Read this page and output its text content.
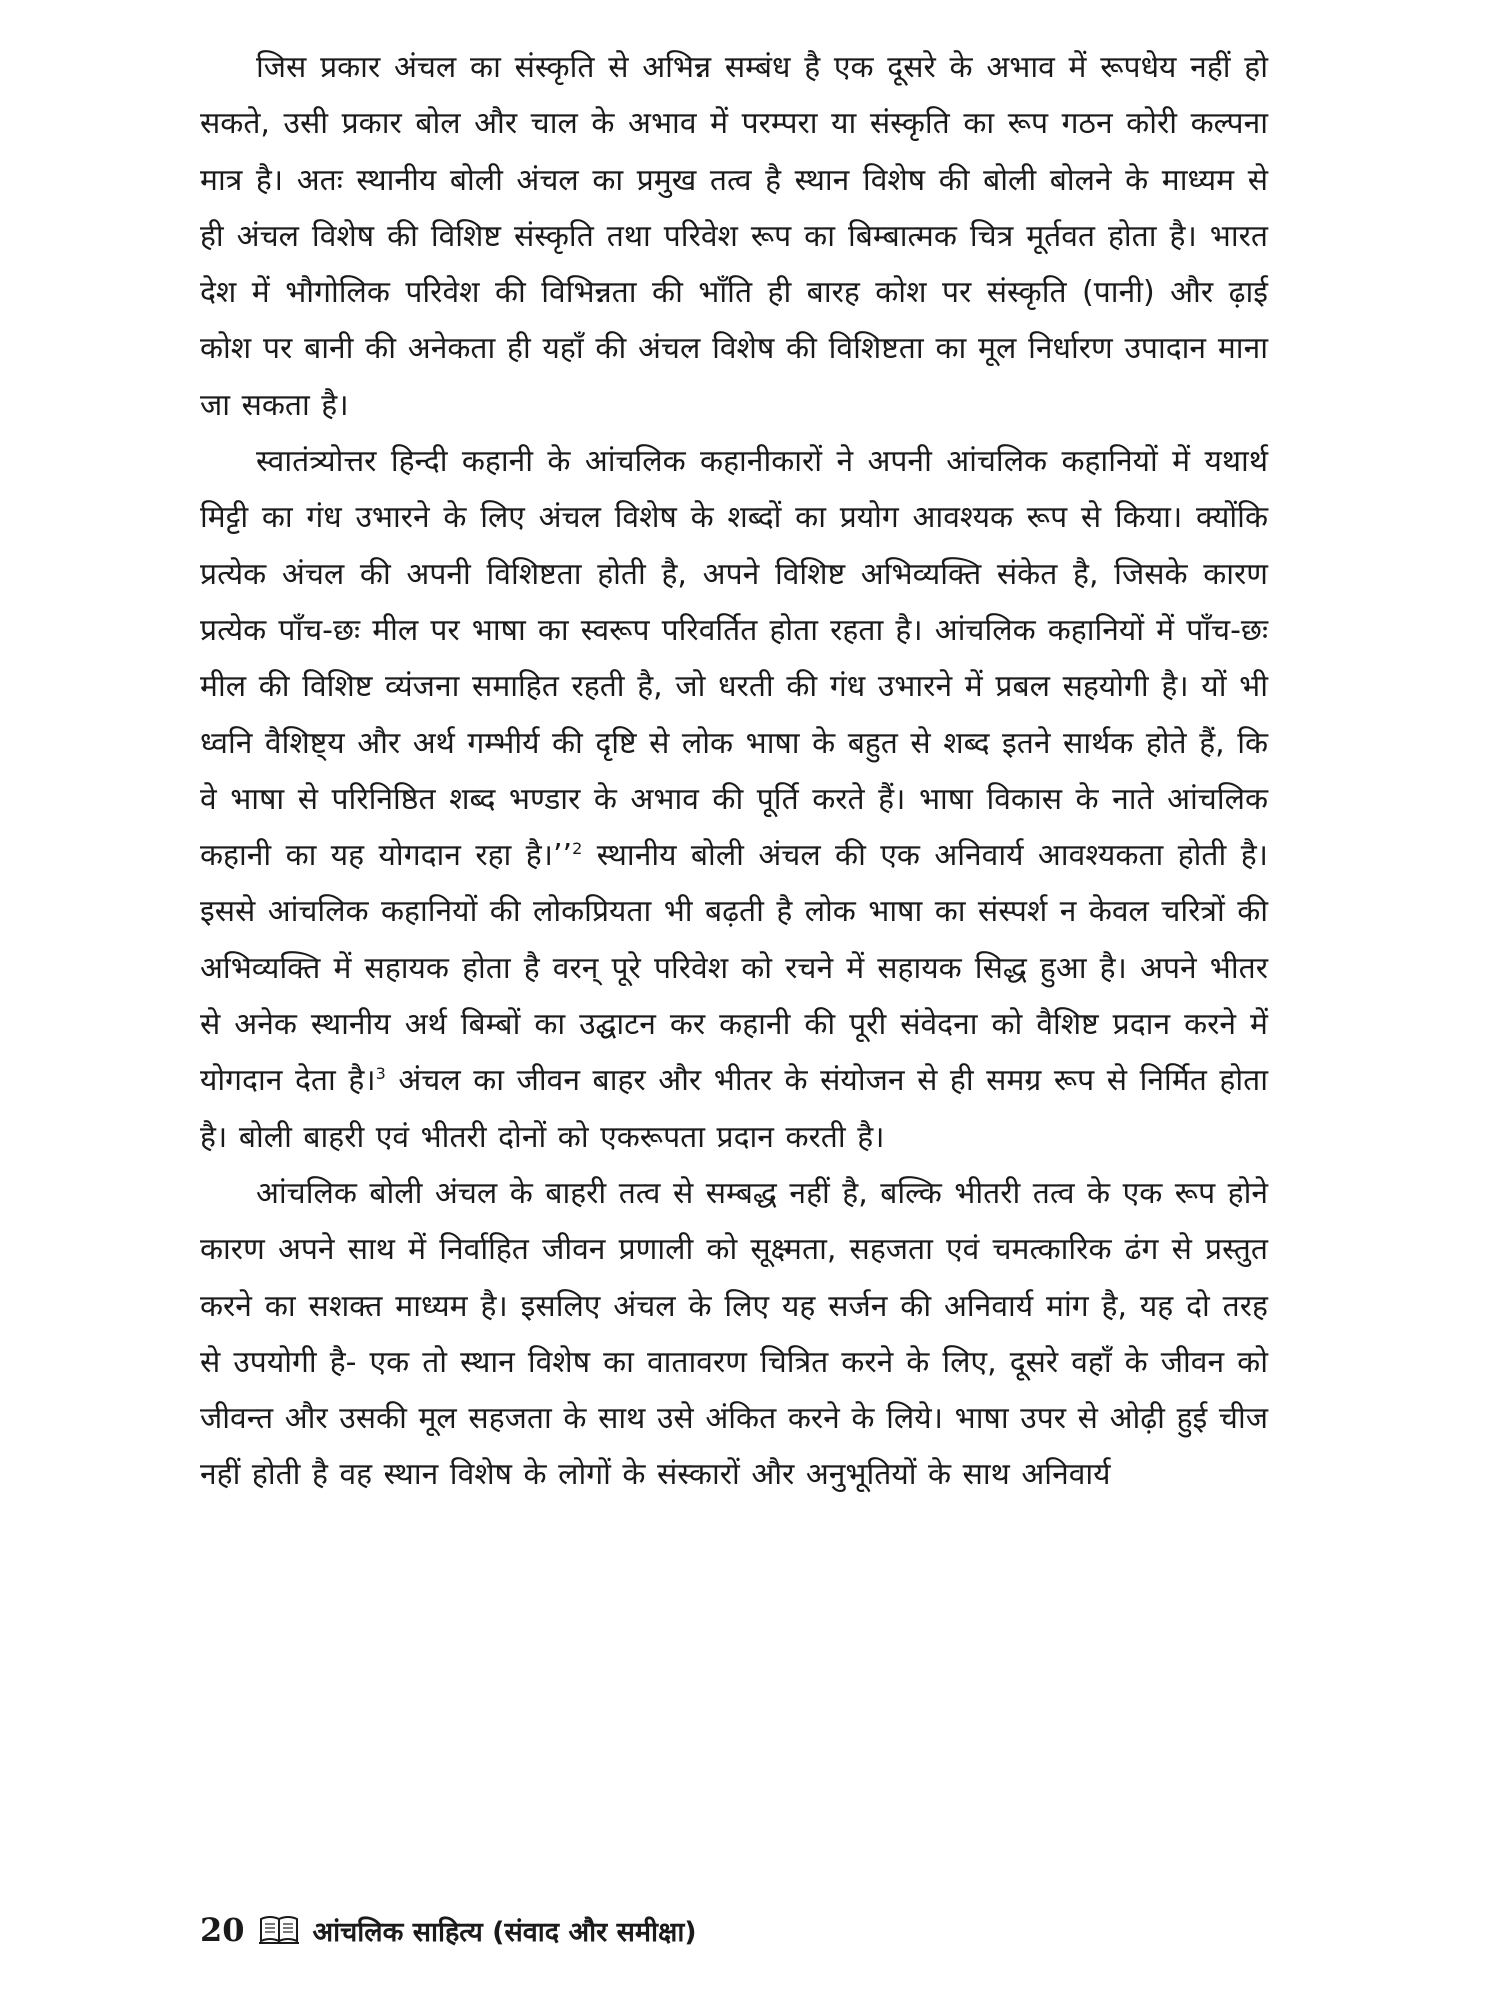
जिस प्रकार अंचल का संस्कृति से अभिन्न सम्बंध है एक दूसरे के अभाव में रूपधेय नहीं हो सकते, उसी प्रकार बोल और चाल के अभाव में परम्परा या संस्कृति का रूप गठन कोरी कल्पना मात्र है। अतः स्थानीय बोली अंचल का प्रमुख तत्व है स्थान विशेष की बोली बोलने के माध्यम से ही अंचल विशेष की विशिष्ट संस्कृति तथा परिवेश रूप का बिम्बात्मक चित्र मूर्तवत होता है। भारत देश में भौगोलिक परिवेश की विभिन्नता की भाँति ही बारह कोश पर संस्कृति (पानी) और ढ़ाई कोश पर बानी की अनेकता ही यहाँ की अंचल विशेष की विशिष्टता का मूल निर्धारण उपादान माना जा सकता है।

स्वातंत्र्योत्तर हिन्दी कहानी के आंचलिक कहानीकारों ने अपनी आंचलिक कहानियों में यथार्थ मिट्टी का गंध उभारने के लिए अंचल विशेष के शब्दों का प्रयोग आवश्यक रूप से किया। क्योंकि प्रत्येक अंचल की अपनी विशिष्टता होती है, अपने विशिष्ट अभिव्यक्ति संकेत है, जिसके कारण प्रत्येक पाँच-छः मील पर भाषा का स्वरूप परिवर्तित होता रहता है। आंचलिक कहानियों में पाँच-छः मील की विशिष्ट व्यंजना समाहित रहती है, जो धरती की गंध उभारने में प्रबल सहयोगी है। यों भी ध्वनि वैशिष्ट्य और अर्थ गम्भीर्य की दृष्टि से लोक भाषा के बहुत से शब्द इतने सार्थक होते हैं, कि वे भाषा से परिनिष्ठित शब्द भण्डार के अभाव की पूर्ति करते हैं। भाषा विकास के नाते आंचलिक कहानी का यह योगदान रहा है।’’$^2$ स्थानीय बोली अंचल की एक अनिवार्य आवश्यकता होती है। इससे आंचलिक कहानियों की लोकप्रियता भी बढ़ती है लोक भाषा का संस्पर्श न केवल चरित्रों की अभिव्यक्ति में सहायक होता है वरन् पूरे परिवेश को रचने में सहायक सिद्ध हुआ है। अपने भीतर से अनेक स्थानीय अर्थ बिम्बों का उद्घाटन कर कहानी की पूरी संवेदना को वैशिष्ट प्रदान करने में योगदान देता है।$^3$ अंचल का जीवन बाहर और भीतर के संयोजन से ही समग्र रूप से निर्मित होता है। बोली बाहरी एवं भीतरी दोनों को एकरूपता प्रदान करती है।

आंचलिक बोली अंचल के बाहरी तत्व से सम्बद्ध नहीं है, बल्कि भीतरी तत्व के एक रूप होने कारण अपने साथ में निर्वाहित जीवन प्रणाली को सूक्ष्मता, सहजता एवं चमत्कारिक ढंग से प्रस्तुत करने का सशक्त माध्यम है। इसलिए अंचल के लिए यह सर्जन की अनिवार्य मांग है, यह दो तरह से उपयोगी है- एक तो स्थान विशेष का वातावरण चित्रित करने के लिए, दूसरे वहाँ के जीवन को जीवन्त और उसकी मूल सहजता के साथ उसे अंकित करने के लिये। भाषा उपर से ओढ़ी हुई चीज नहीं होती है वह स्थान विशेष के लोगों के संस्कारों और अनुभूतियों के साथ अनिवार्य

20	आंचलिक साहित्य (संवाद और समीक्षा)
